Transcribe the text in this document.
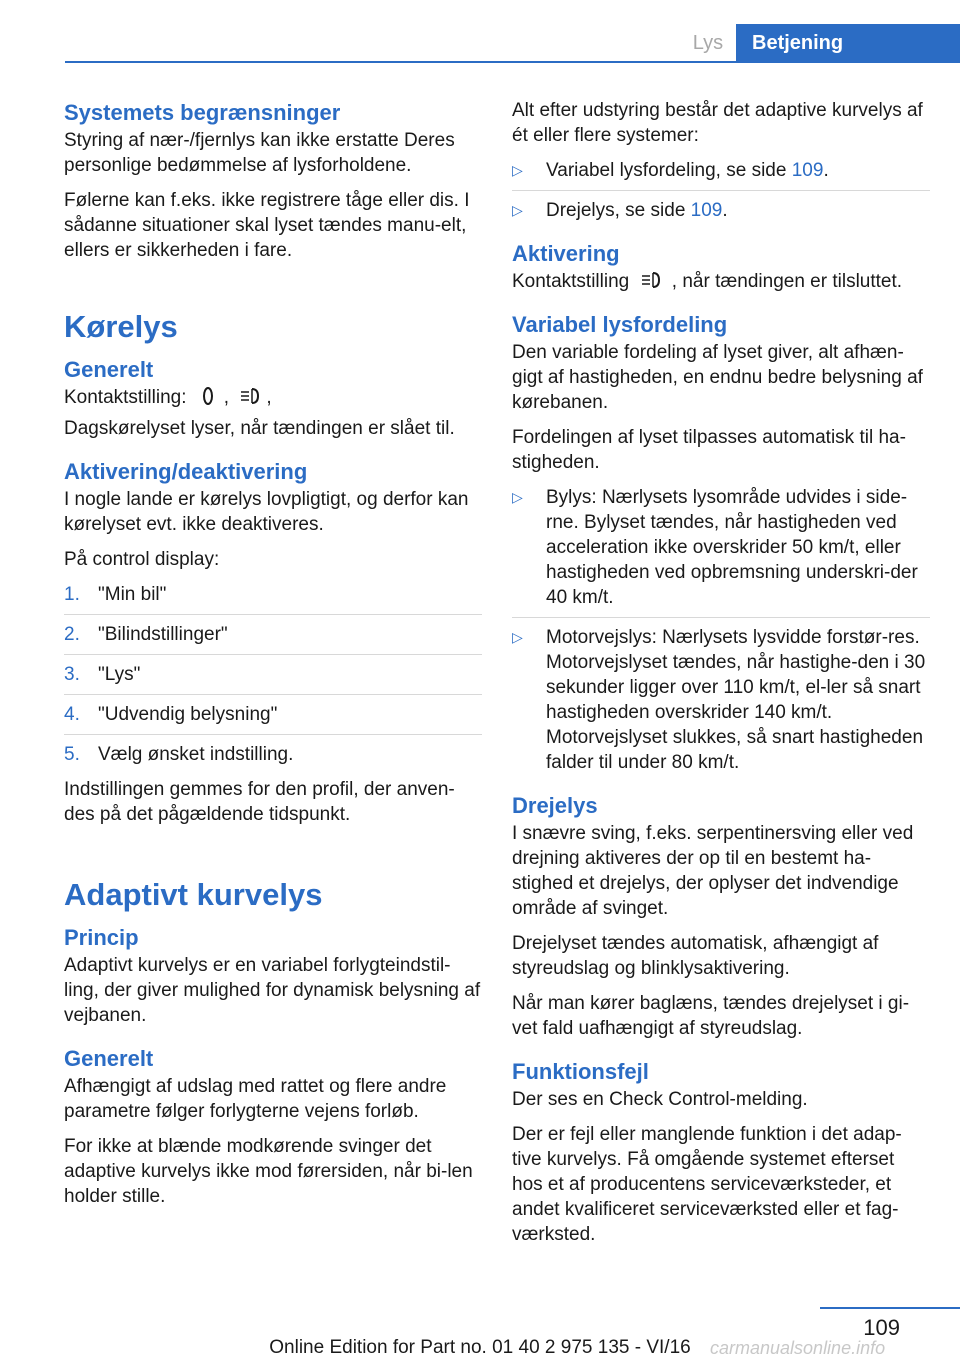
Lys	Betjening
Systemets begrænsninger

Styring af nær-/fjernlys kan ikke erstatte Deres personlige bedømmelse af lysforholdene.

Følerne kan f.eks. ikke registrere tåge eller dis. I sådanne situationer skal lyset tændes manu-elt, ellers er sikkerheden i fare.

Kørelys
Generelt

Kontaktstilling: , ,

Dagskørelyset lyser, når tændingen er slået til.

Aktivering/deaktivering

I nogle lande er kørelys lovpligtigt, og derfor kan kørelyset evt. ikke deaktiveres.

På control display:

1. "Min bil"
2. "Bilindstillinger"
3. "Lys"
4. "Udvendig belysning"
5. Vælg ønsket indstilling.

Indstillingen gemmes for den profil, der anven-des på det pågældende tidspunkt.

Adaptivt kurvelys
Princip

Adaptivt kurvelys er en variabel forlygteindstil-ling, der giver mulighed for dynamisk belysning af vejbanen.

Generelt

Afhængigt af udslag med rattet og flere andre parametre følger forlygterne vejens forløb.

For ikke at blænde modkørende svinger det adaptive kurvelys ikke mod førersiden, når bi-len holder stille.

Alt efter udstyring består det adaptive kurvelys af ét eller flere systemer:

▷ Variabel lysfordeling, se side 109.
▷ Drejelys, se side 109.
Aktivering

Kontaktstilling , når tændingen er tilsluttet.

Variabel lysfordeling

Den variable fordeling af lyset giver, alt afhæn-gigt af hastigheden, en endnu bedre belysning af kørebanen.

Fordelingen af lyset tilpasses automatisk til ha-stigheden.

▷ Bylys: Nærlysets lysområde udvides i side-rne. Bylyset tændes, når hastigheden ved acceleration ikke overskrider 50 km/t, eller hastigheden ved opbremsning underskri-der 40 km/t.
▷ Motorvejslys: Nærlysets lysvidde forstør-res. Motorvejslyset tændes, når hastighe-den i 30 sekunder ligger over 110 km/t, el-ler så snart hastigheden overskrider 140 km/t. Motorvejslyset slukkes, så snart hastigheden falder til under 80 km/t.
Drejelys

I snævre sving, f.eks. serpentinersving eller ved drejning aktiveres der op til en bestemt ha-stighed et drejelys, der oplyser det indvendige område af svinget.

Drejelyset tændes automatisk, afhængigt af styreudslag og blinklysaktivering.

Når man kører baglæns, tændes drejelyset i gi-vet fald uafhængigt af styreudslag.

Funktionsfejl

Der ses en Check Control-melding.

Der er fejl eller manglende funktion i det adap-tive kurvelys. Få omgående systemet efterset hos et af producentens serviceværksteder, et andet kvalificeret serviceværksted eller et fag-værksted.

109
Online Edition for Part no. 01 40 2 975 135 - VI/16	carmanualsonline.info
